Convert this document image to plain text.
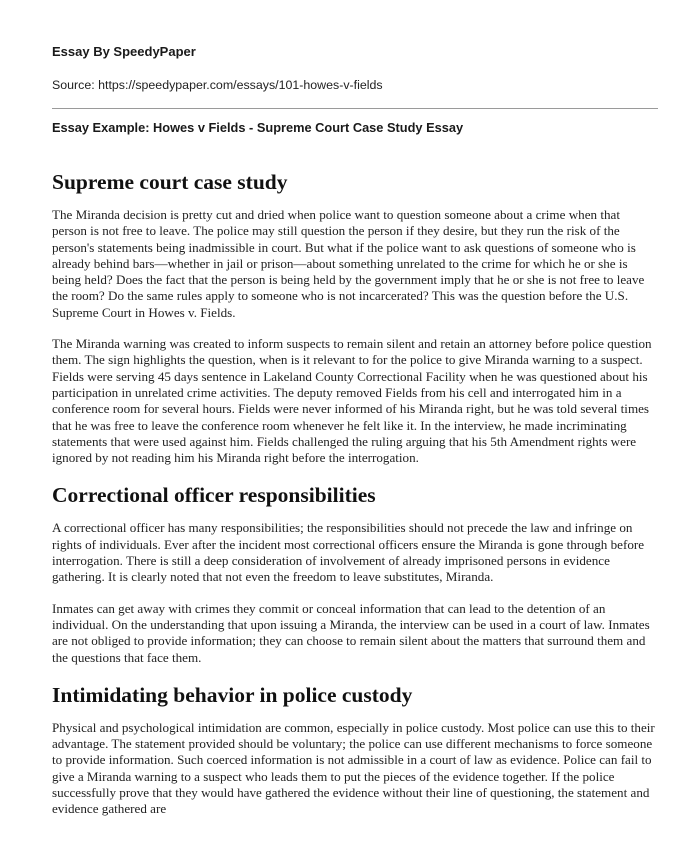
Essay By SpeedyPaper

Source: https://speedypaper.com/essays/101-howes-v-fields

Essay Example: Howes v Fields - Supreme Court Case Study Essay

Supreme court case study

The Miranda decision is pretty cut and dried when police want to question someone about a crime when that person is not free to leave. The police may still question the person if they desire, but they run the risk of the person's statements being inadmissible in court. But what if the police want to ask questions of someone who is already behind bars—whether in jail or prison—about something unrelated to the crime for which he or she is being held? Does the fact that the person is being held by the government imply that he or she is not free to leave the room? Do the same rules apply to someone who is not incarcerated? This was the question before the U.S. Supreme Court in Howes v. Fields.

The Miranda warning was created to inform suspects to remain silent and retain an attorney before police question them. The sign highlights the question, when is it relevant to for the police to give Miranda warning to a suspect. Fields were serving 45 days sentence in Lakeland County Correctional Facility when he was questioned about his participation in unrelated crime activities. The deputy removed Fields from his cell and interrogated him in a conference room for several hours. Fields were never informed of his Miranda right, but he was told several times that he was free to leave the conference room whenever he felt like it. In the interview, he made incriminating statements that were used against him. Fields challenged the ruling arguing that his 5th Amendment rights were ignored by not reading him his Miranda right before the interrogation.

Correctional officer responsibilities

A correctional officer has many responsibilities; the responsibilities should not precede the law and infringe on rights of individuals. Ever after the incident most correctional officers ensure the Miranda is gone through before interrogation. There is still a deep consideration of involvement of already imprisoned persons in evidence gathering. It is clearly noted that not even the freedom to leave substitutes, Miranda.

Inmates can get away with crimes they commit or conceal information that can lead to the detention of an individual. On the understanding that upon issuing a Miranda, the interview can be used in a court of law. Inmates are not obliged to provide information; they can choose to remain silent about the matters that surround them and the questions that face them.

Intimidating behavior in police custody

Physical and psychological intimidation are common, especially in police custody. Most police can use this to their advantage. The statement provided should be voluntary; the police can use different mechanisms to force someone to provide information. Such coerced information is not admissible in a court of law as evidence. Police can fail to give a Miranda warning to a suspect who leads them to put the pieces of the evidence together. If the police successfully prove that they would have gathered the evidence without their line of questioning, the statement and evidence gathered are
